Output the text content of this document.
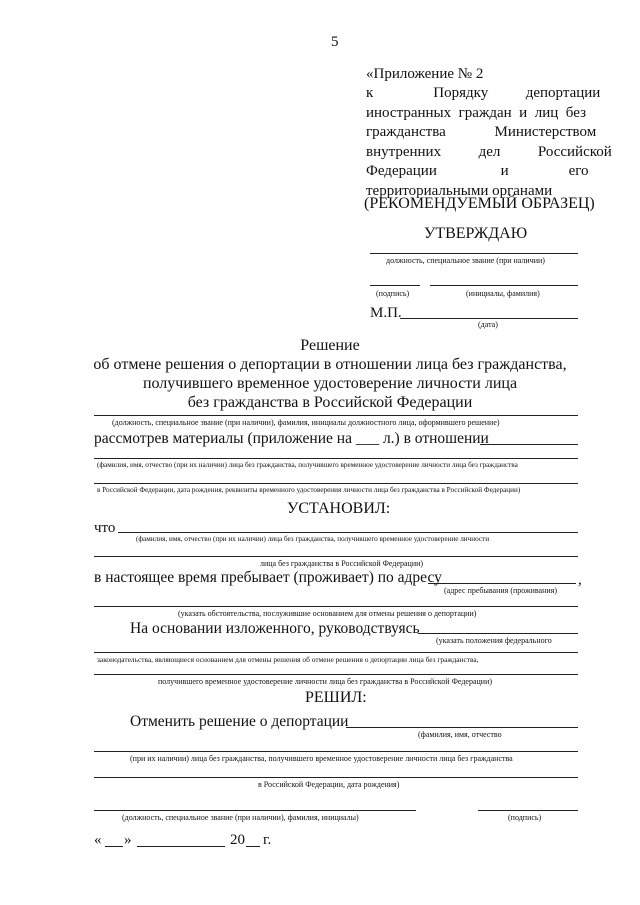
5
«Приложение № 2
к                Порядку          депортации
иностранных граждан и лиц без
гражданства             Министерством
внутренних          дел          Российской
Федерации                 и                его
территориальными органами
(РЕКОМЕНДУЕМЫЙ ОБРАЗЕЦ)
УТВЕРЖДАЮ
должность, специальное звание (при наличии)
(подпись)	(инициалы, фамилия)
М.П.
(дата)
Решение
об отмене решения о депортации в отношении лица без гражданства,
получившего временное удостоверение личности лица
без гражданства в Российской Федерации
(должность, специальное звание (при наличии), фамилия, инициалы должностного лица, оформившего решение)
рассмотрев материалы (приложение на ___ л.) в отношении
(фамилия, имя, отчество (при их наличии) лица без гражданства, получившего временное удостоверение личности лица без гражданства
в Российской Федерации, дата рождения, реквизиты временного удостоверения личности лица без гражданства в Российской Федерации)
УСТАНОВИЛ:
что
(фамилия, имя, отчество (при их наличии) лица без гражданства, получившего временное удостоверение личности
лица без гражданства в Российской Федерации)
в настоящее время пребывает (проживает) по адресу	,
(адрес пребывания (проживания)
(указать обстоятельства, послужившие основанием для отмены решения о депортации)
На основании изложенного, руководствуясь
(указать положения федерального
законодательства, являющиеся основанием для отмены решения об отмене решения о депортации лица без гражданства,
получившего временное удостоверение личности лица без гражданства в Российской Федерации)
РЕШИЛ:
Отменить решение о депортации
(фамилия, имя, отчество
(при их наличии) лица без гражданства, получившего временное удостоверение личности лица без гражданства
в Российской Федерации, дата рождения)
(должность, специальное звание (при наличии), фамилия, инициалы)	(подпись)
« »	20 г.
